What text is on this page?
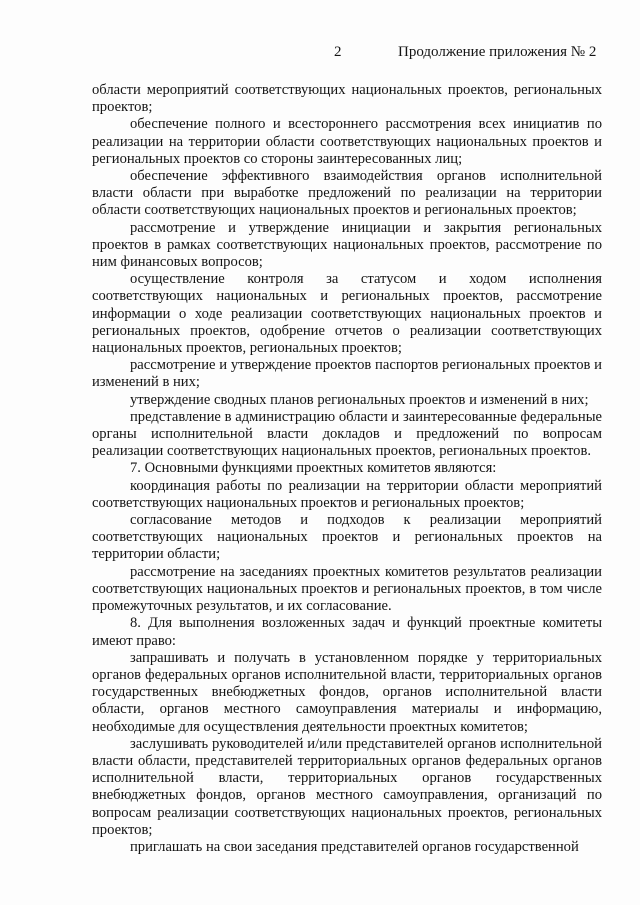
2	Продолжение приложения № 2

области мероприятий соответствующих национальных проектов, региональных проектов;

обеспечение полного и всестороннего рассмотрения всех инициатив по реализации на территории области соответствующих национальных проектов и региональных проектов со стороны заинтересованных лиц;

обеспечение эффективного взаимодействия органов исполнительной власти области при выработке предложений по реализации на территории области соответствующих национальных проектов и региональных проектов;

рассмотрение и утверждение инициации и закрытия региональных проектов в рамках соответствующих национальных проектов, рассмотрение по ним финансовых вопросов;

осуществление контроля за статусом и ходом исполнения соответствующих национальных и региональных проектов, рассмотрение информации о ходе реализации соответствующих национальных проектов и региональных проектов, одобрение отчетов о реализации соответствующих национальных проектов, региональных проектов;

рассмотрение и утверждение проектов паспортов региональных проектов и изменений в них;

утверждение сводных планов региональных проектов и изменений в них;

представление в администрацию области и заинтересованные федеральные органы исполнительной власти докладов и предложений по вопросам реализации соответствующих национальных проектов, региональных проектов.

7. Основными функциями проектных комитетов являются:

координация работы по реализации на территории области мероприятий соответствующих национальных проектов и региональных проектов;

согласование методов и подходов к реализации мероприятий соответствующих национальных проектов и региональных проектов на территории области;

рассмотрение на заседаниях проектных комитетов результатов реализации соответствующих национальных проектов и региональных проектов, в том числе промежуточных результатов, и их согласование.

8. Для выполнения возложенных задач и функций проектные комитеты имеют право:

запрашивать и получать в установленном порядке у территориальных органов федеральных органов исполнительной власти, территориальных органов государственных внебюджетных фондов, органов исполнительной власти области, органов местного самоуправления материалы и информацию, необходимые для осуществления деятельности проектных комитетов;

заслушивать руководителей и/или представителей органов исполнительной власти области, представителей территориальных органов федеральных органов исполнительной власти, территориальных органов государственных внебюджетных фондов, органов местного самоуправления, организаций по вопросам реализации соответствующих национальных проектов, региональных проектов;

приглашать на свои заседания представителей органов государственной
